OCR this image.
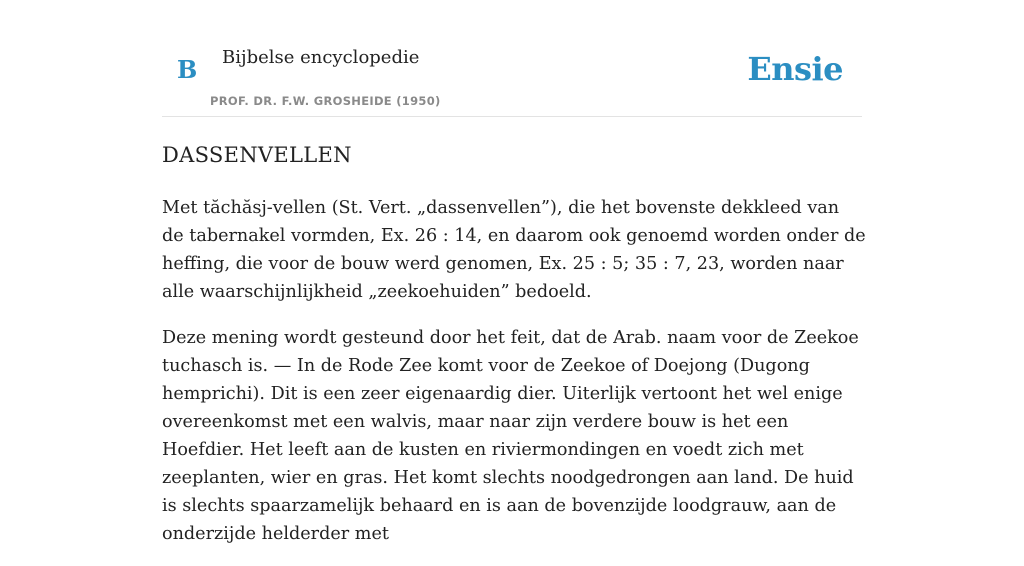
B Bijbelse encyclopedie
PROF. DR. F.W. GROSHEIDE (1950)
Ensie
DASSENVELLEN

Met tăchăsj-vellen (St. Vert. „dassenvellen”), die het bovenste dekkleed van de tabernakel vormden, Ex. 26 : 14, en daarom ook genoemd worden onder de heffing, die voor de bouw werd genomen, Ex. 25 : 5; 35 : 7, 23, worden naar alle waarschijnlijkheid „zeekoehuiden” bedoeld.

Deze mening wordt gesteund door het feit, dat de Arab. naam voor de Zeekoe tuchasch is. — In de Rode Zee komt voor de Zeekoe of Doejong (Dugong hemprichi). Dit is een zeer eigenaardig dier. Uiterlijk vertoont het wel enige overeenkomst met een walvis, maar naar zijn verdere bouw is het een Hoefdier. Het leeft aan de kusten en riviermondingen en voedt zich met zeeplanten, wier en gras. Het komt slechts noodgedrongen aan land. De huid is slechts spaarzamelijk behaard en is aan de bovenzijde loodgrauw, aan de onderzijde helderder met
